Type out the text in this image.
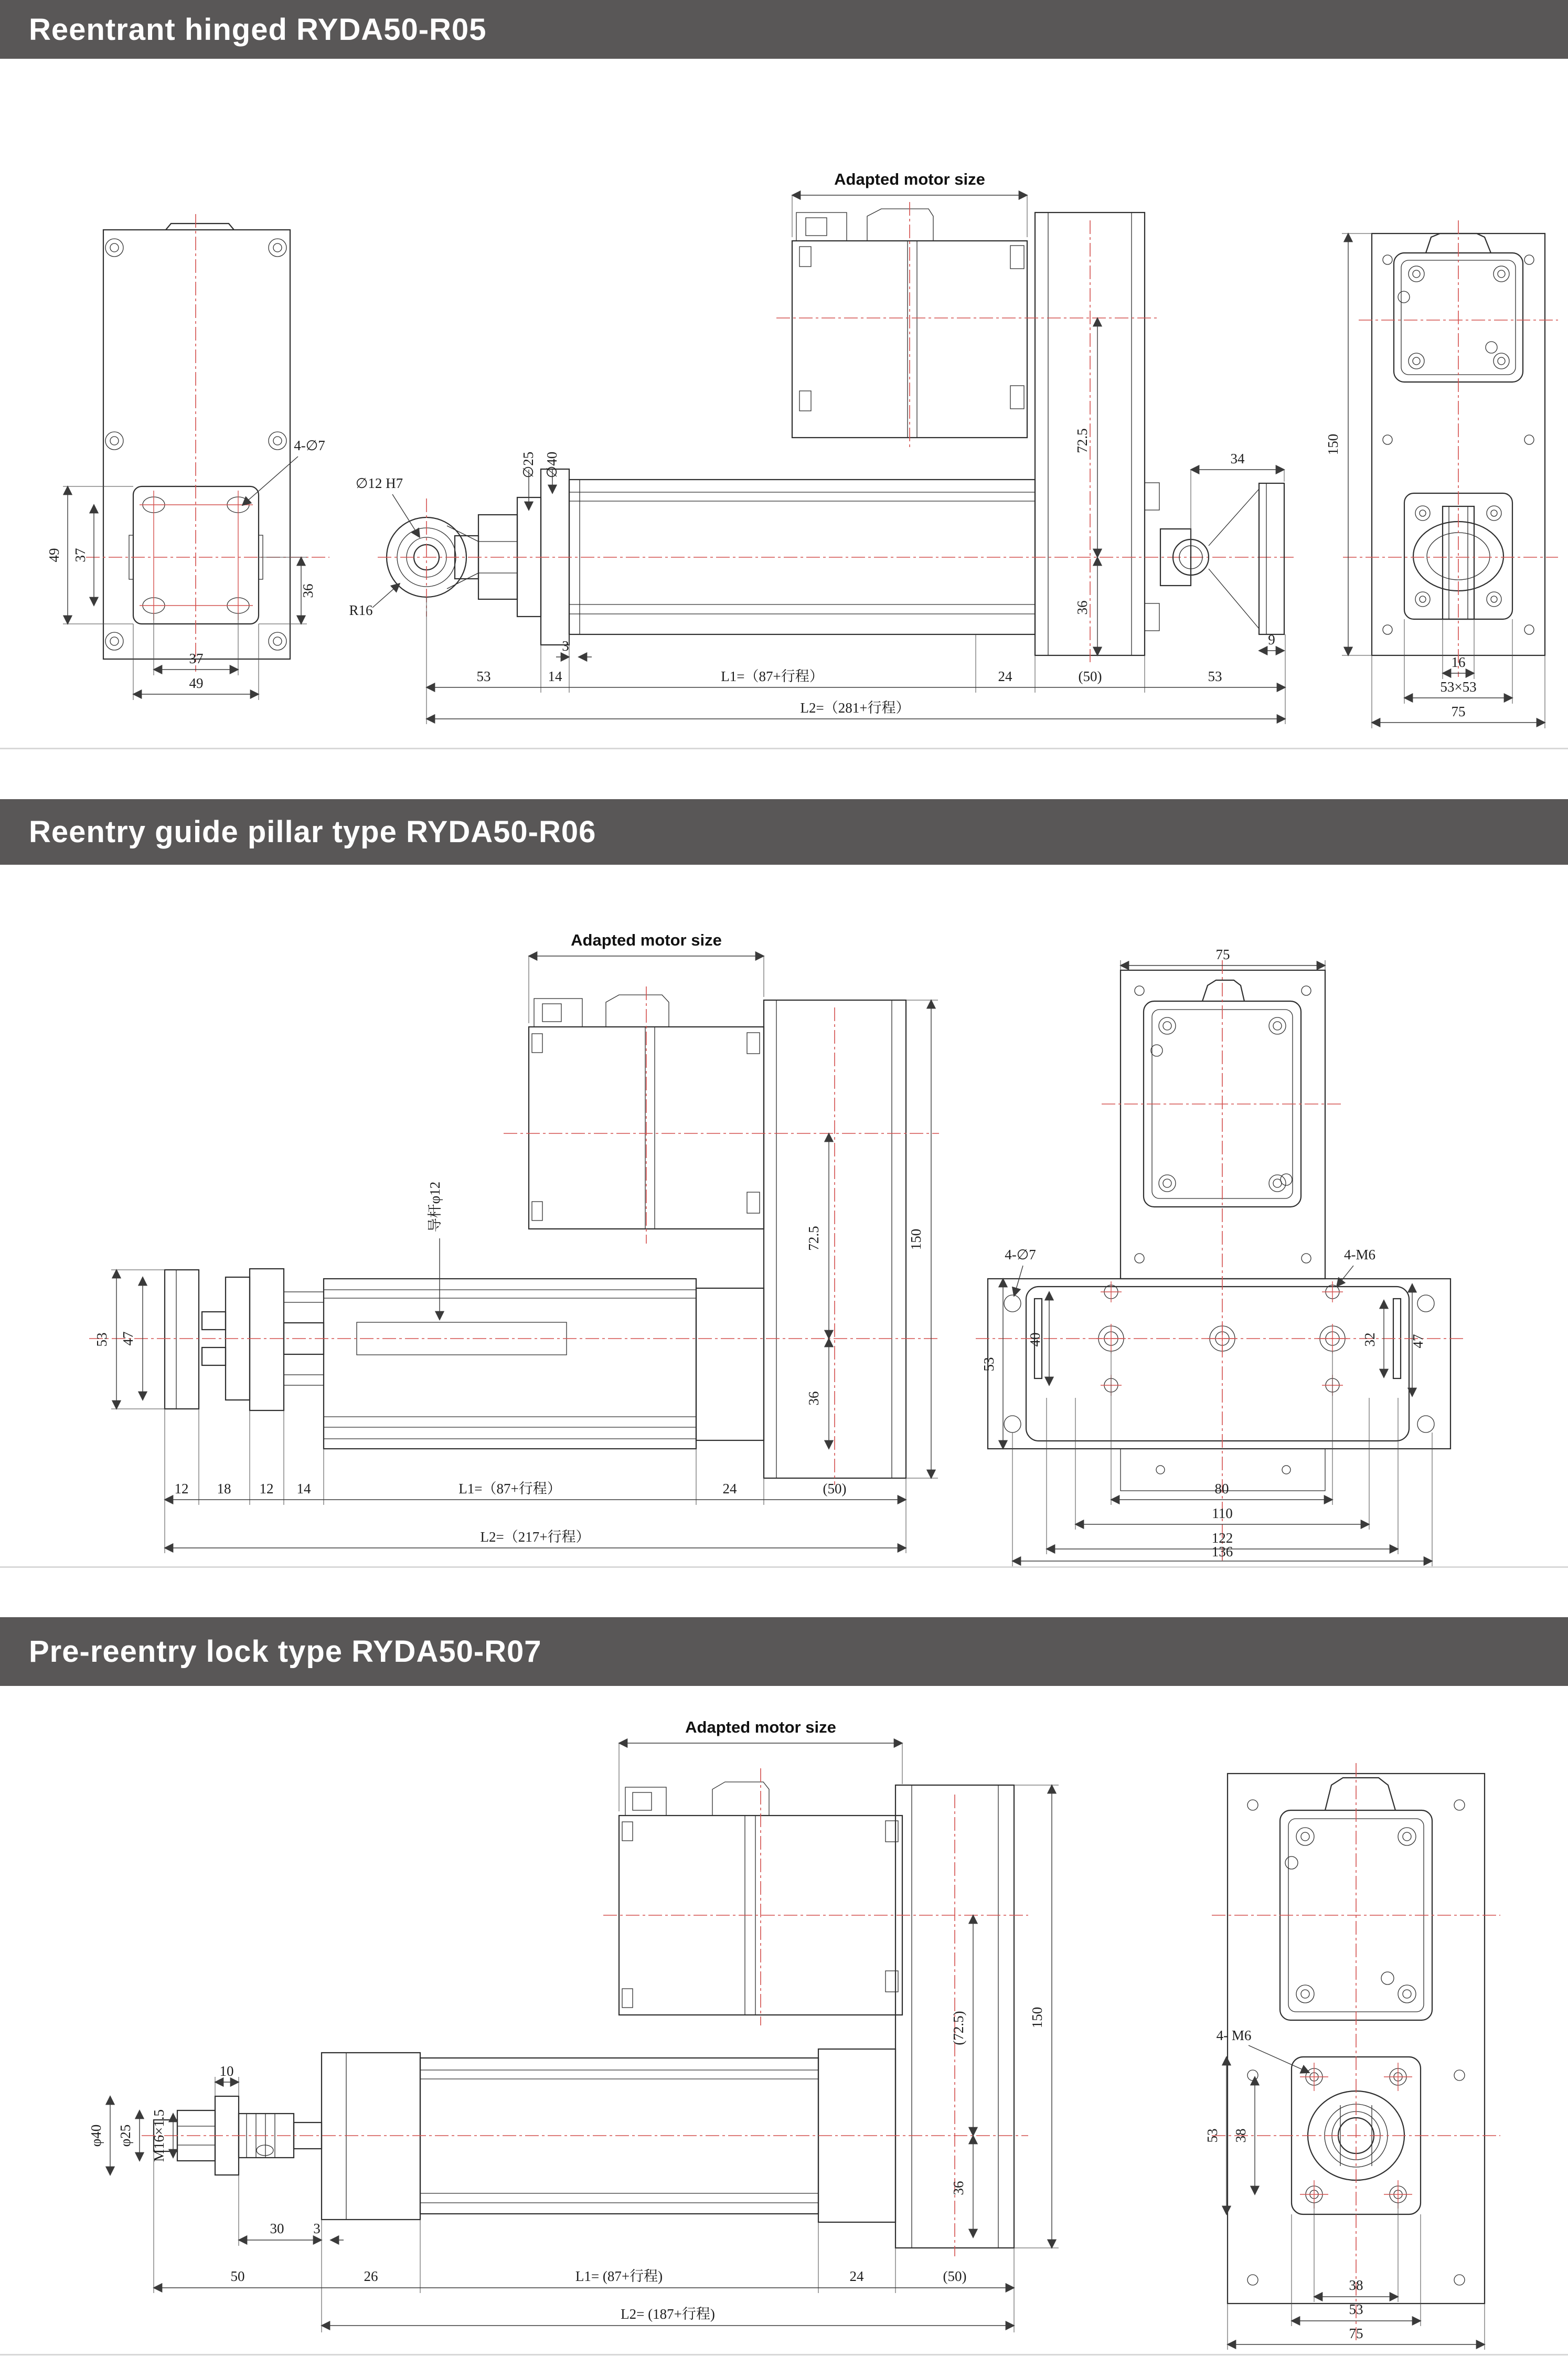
Reentrant hinged RYDA50-R05
49 37
36
37
49
4-∅7
Adapted motor size
∅12 H7
R16
∅25 ∅40
3
72.5
36
34
9
53	14	L1=（87+行程）	24	(50)	53
L2=（281+行程）
150
16
53×53
75
Reentry guide pillar type RYDA50-R06
Adapted motor size
导杆φ12
53 47
72.5
36
150
12 18 12 14	L1=（87+行程）	24	(50)
L2=（217+行程）
75
4-∅7	4-M6
53
40	32 47
80
110
122
136
Pre-reentry lock type RYDA50-R07
Adapted motor size
10
φ40 φ25 M16×1.5
30 3
(72.5)
36
150
50	26	L1= (87+行程)	24	(50)
L2= (187+行程)
4- M6
53 38
38
53
75
